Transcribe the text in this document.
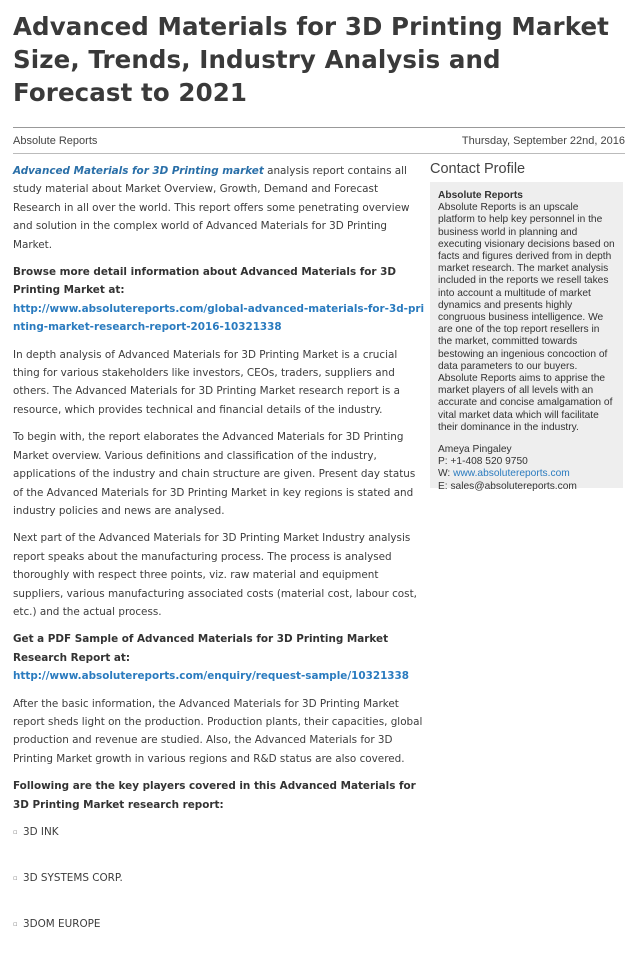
Advanced Materials for 3D Printing Market Size, Trends, Industry Analysis and Forecast to 2021
Absolute Reports	Thursday, September 22nd, 2016

Advanced Materials for 3D Printing market analysis report contains all study material about Market Overview, Growth, Demand and Forecast Research in all over the world. This report offers some penetrating overview and solution in the complex world of Advanced Materials for 3D Printing Market.

Browse more detail information about Advanced Materials for 3D Printing Market at:
http://www.absolutereports.com/global-advanced-materials-for-3d-printing-market-research-report-2016-10321338

In depth analysis of Advanced Materials for 3D Printing Market is a crucial thing for various stakeholders like investors, CEOs, traders, suppliers and others. The Advanced Materials for 3D Printing Market research report is a resource, which provides technical and financial details of the industry.

To begin with, the report elaborates the Advanced Materials for 3D Printing Market overview. Various definitions and classification of the industry, applications of the industry and chain structure are given. Present day status of the Advanced Materials for 3D Printing Market in key regions is stated and industry policies and news are analysed.

Next part of the Advanced Materials for 3D Printing Market Industry analysis report speaks about the manufacturing process. The process is analysed thoroughly with respect three points, viz. raw material and equipment suppliers, various manufacturing associated costs (material cost, labour cost, etc.) and the actual process.

Get a PDF Sample of Advanced Materials for 3D Printing Market Research Report at:
http://www.absolutereports.com/enquiry/request-sample/10321338

After the basic information, the Advanced Materials for 3D Printing Market report sheds light on the production. Production plants, their capacities, global production and revenue are studied. Also, the Advanced Materials for 3D Printing Market growth in various regions and R&D status are also covered.

Following are the key players covered in this Advanced Materials for 3D Printing Market research report:

▫ 3D INK
▫ 3D SYSTEMS CORP.
▫ 3DOM EUROPE
Contact Profile
Absolute Reports
Absolute Reports is an upscale platform to help key personnel in the business world in planning and executing visionary decisions based on facts and figures derived from in depth market research. The market analysis included in the reports we resell takes into account a multitude of market dynamics and presents highly congruous business intelligence. We are one of the top report resellers in the market, committed towards bestowing an ingenious concoction of data parameters to our buyers. Absolute Reports aims to apprise the market players of all levels with an accurate and concise amalgamation of vital market data which will facilitate their dominance in the industry.
Ameya Pingaley
P: +1-408 520 9750
W: www.absolutereports.com
E: sales@absolutereports.com
